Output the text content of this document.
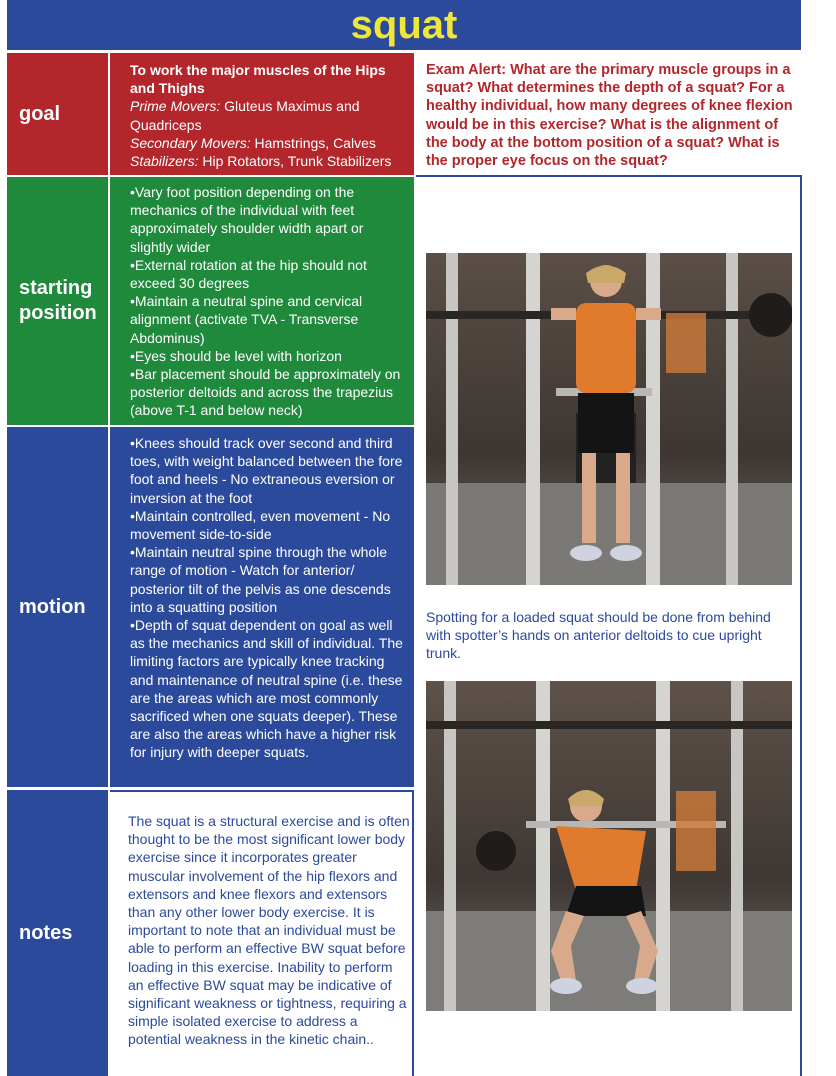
squat
goal

To work the major muscles of the Hips and Thighs

Prime Movers: Gluteus Maximus and Quadriceps

Secondary Movers: Hamstrings, Calves

Stabilizers: Hip Rotators, Trunk Stabilizers

Exam Alert: What are the primary muscle groups in a squat? What determines the depth of a squat? For a healthy individual, how many degrees of knee flexion would be in this exercise? What is the alignment of the body at the bottom position of a squat? What is the proper eye focus on the squat?
starting
position

•Vary foot position depending on the mechanics of the individual with feet approximately shoulder width apart or slightly wider

•External rotation at the hip should not exceed 30 degrees

•Maintain a neutral spine and cervical alignment (activate TVA - Transverse Abdominus)

•Eyes should be level with horizon

•Bar placement should be approximately on posterior deltoids and across the trapezius (above T-1 and below neck)

motion

•Knees should track over second and third toes, with weight balanced between the fore foot and heels - No extraneous eversion or inversion at the foot

•Maintain controlled, even movement - No movement side-to-side

•Maintain neutral spine through the whole range of motion - Watch for anterior/ posterior tilt of the pelvis as one descends into a squatting position

•Depth of squat dependent on goal as well as the mechanics and skill of individual. The limiting factors are typically knee tracking and maintenance of neutral spine (i.e. these are the areas which are most commonly sacrificed when one squats deeper). These are also the areas which have a higher risk for injury with deeper squats.

notes
The squat is a structural exercise and is often thought to be the most significant lower body exercise since it incorporates greater muscular involvement of the hip flexors and extensors and knee flexors and extensors than any other lower body exercise. It is important to note that an individual must be able to perform an effective BW squat before loading in this exercise. Inability to perform an effective BW squat may be indicative of significant weakness or tightness, requiring a simple isolated exercise to address a potential weakness in the kinetic chain..
Spotting for a loaded squat should be done from behind with spotter’s hands on anterior deltoids to cue upright trunk.
